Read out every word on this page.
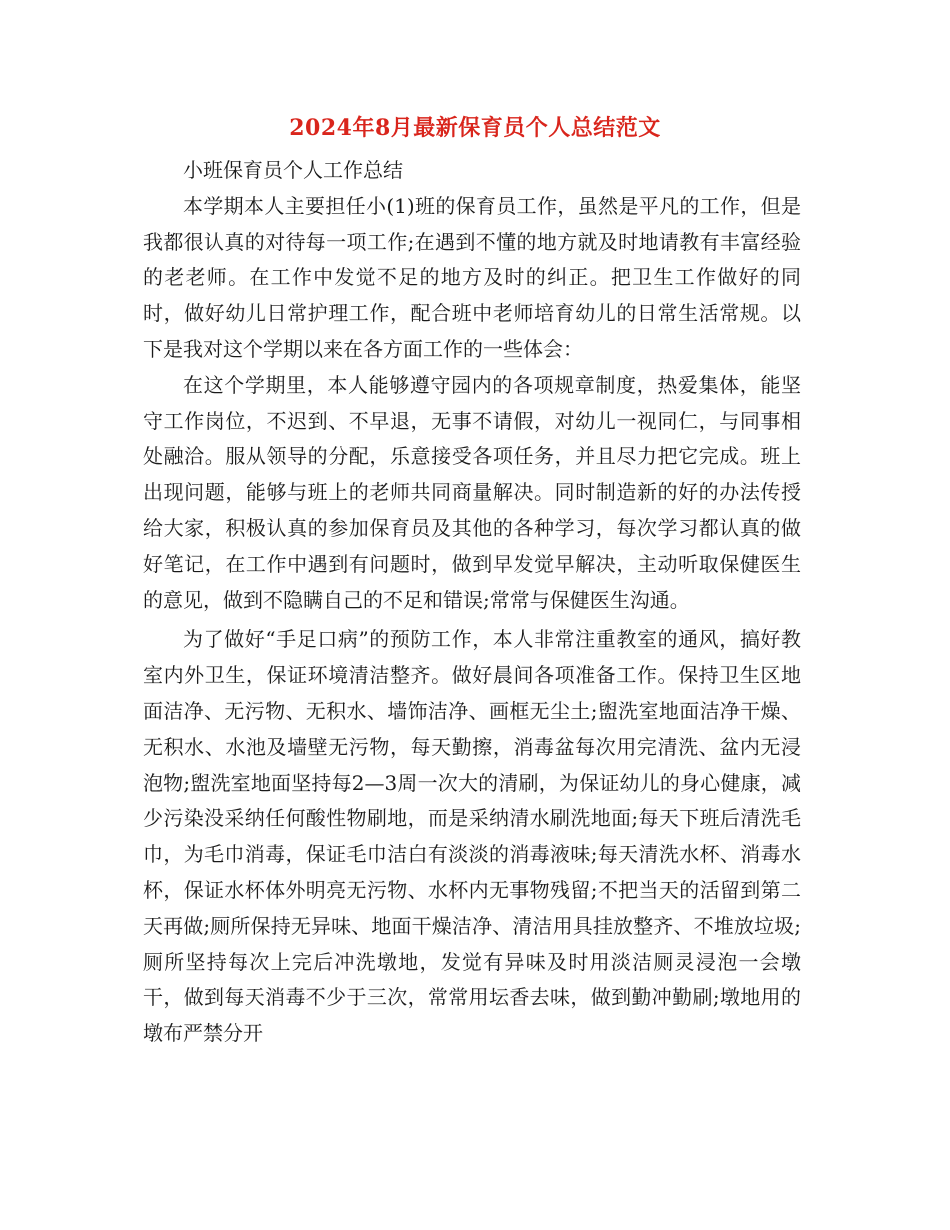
2024年8月最新保育员个人总结范文

小班保育员个人工作总结

本学期本人主要担任小(1)班的保育员工作，虽然是平凡的工作，但是我都很认真的对待每一项工作;在遇到不懂的地方就及时地请教有丰富经验的老老师。在工作中发觉不足的地方及时的纠正。把卫生工作做好的同时，做好幼儿日常护理工作，配合班中老师培育幼儿的日常生活常规。以下是我对这个学期以来在各方面工作的一些体会：

在这个学期里，本人能够遵守园内的各项规章制度，热爱集体，能坚守工作岗位，不迟到、不早退，无事不请假，对幼儿一视同仁，与同事相处融洽。服从领导的分配，乐意接受各项任务，并且尽力把它完成。班上出现问题，能够与班上的老师共同商量解决。同时制造新的好的办法传授给大家，积极认真的参加保育员及其他的各种学习，每次学习都认真的做好笔记，在工作中遇到有问题时，做到早发觉早解决，主动听取保健医生的意见，做到不隐瞒自己的不足和错误;常常与保健医生沟通。

为了做好“手足口病”的预防工作，本人非常注重教室的通风，搞好教室内外卫生，保证环境清洁整齐。做好晨间各项准备工作。保持卫生区地面洁净、无污物、无积水、墙饰洁净、画框无尘土;盥洗室地面洁净干燥、无积水、水池及墙壁无污物，每天勤擦，消毒盆每次用完清洗、盆内无浸泡物;盥洗室地面坚持每2—3周一次大的清刷，为保证幼儿的身心健康，减少污染没采纳任何酸性物刷地，而是采纳清水刷洗地面;每天下班后清洗毛巾，为毛巾消毒，保证毛巾洁白有淡淡的消毒液味;每天清洗水杯、消毒水杯，保证水杯体外明亮无污物、水杯内无事物残留;不把当天的活留到第二天再做;厕所保持无异味、地面干燥洁净、清洁用具挂放整齐、不堆放垃圾;厕所坚持每次上完后冲洗墩地，发觉有异味及时用淡洁厕灵浸泡一会墩干，做到每天消毒不少于三次，常常用坛香去味，做到勤冲勤刷;墩地用的墩布严禁分开
